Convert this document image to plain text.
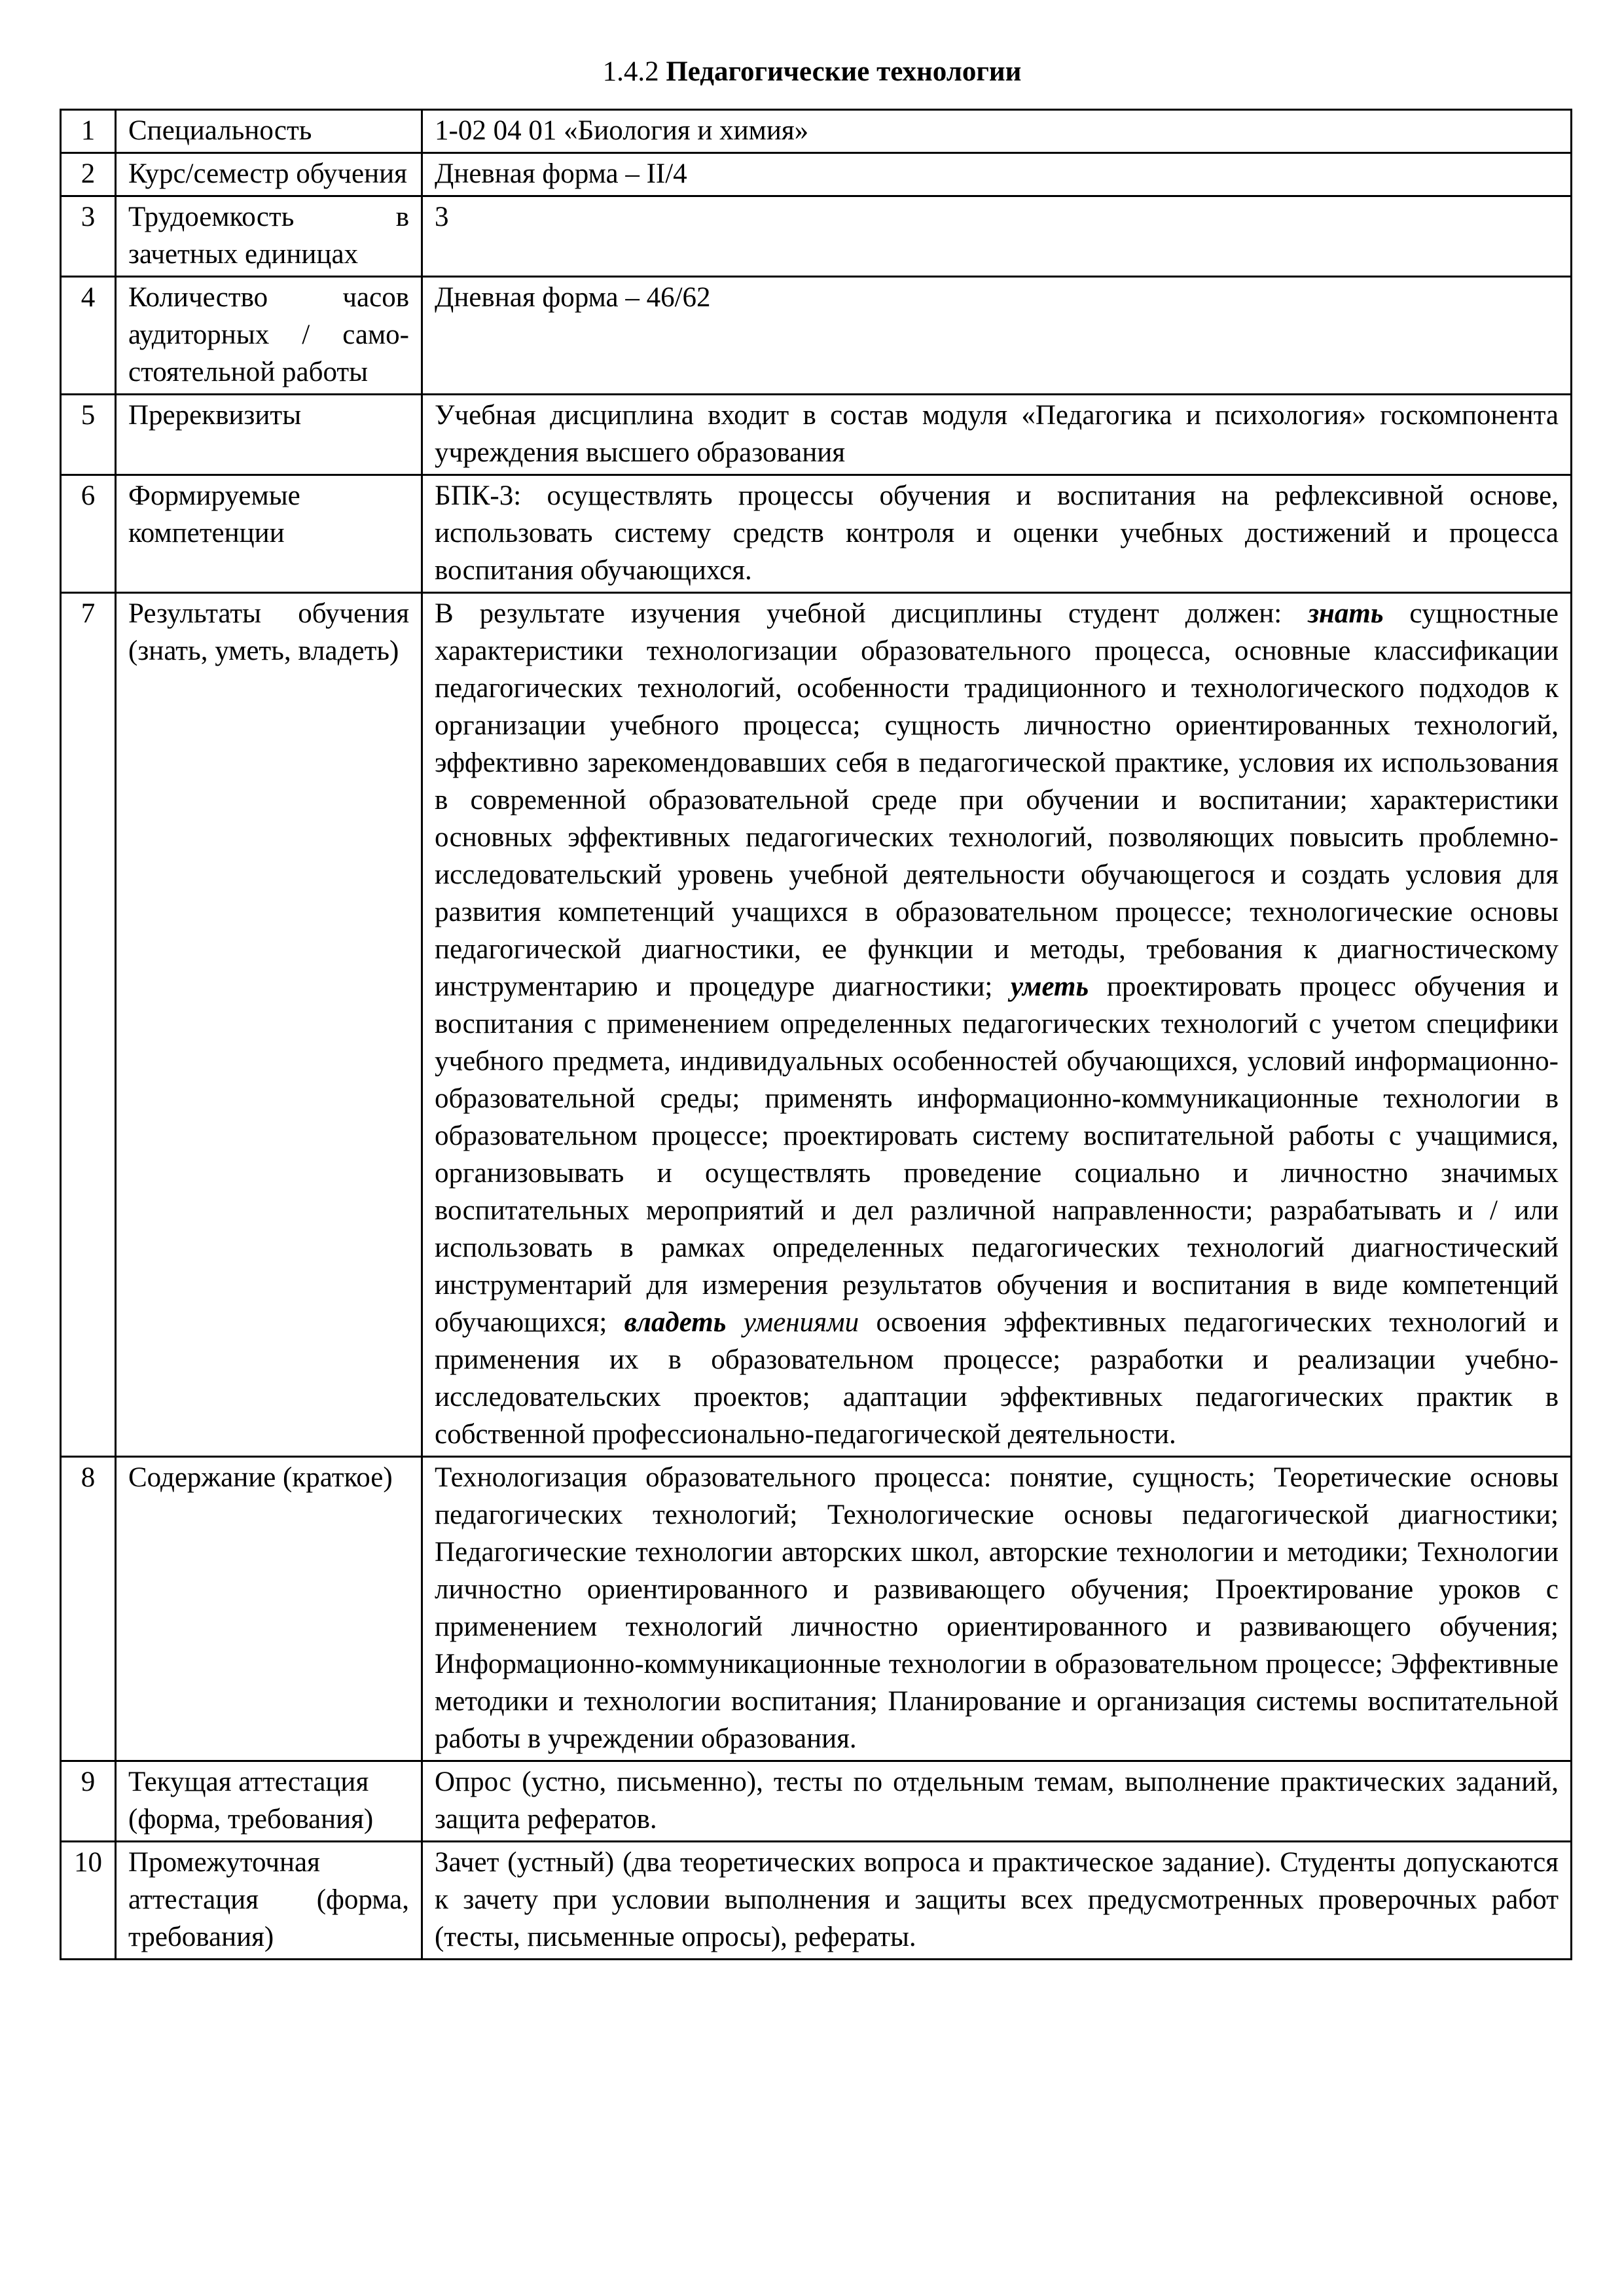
1.4.2 Педагогические технологии
1	Специальность	1-02 04 01 «Биология и химия»
2	Курс/семестр обучения	Дневная форма – II/4
3	Трудоемкость в зачетных единицах	3
4	Количество часов аудиторных / само-стоятельной работы	Дневная форма – 46/62
5	Пререквизиты	Учебная дисциплина входит в состав модуля «Педагогика и психология» госкомпонента учреждения высшего образования
6	Формируемые компетенции	БПК-3: осуществлять процессы обучения и воспитания на рефлексивной основе, использовать систему средств контроля и оценки учебных достижений и процесса воспитания обучающихся.
7	Результаты обучения (знать, уметь, владеть)	В результате изучения учебной дисциплины студент должен: знать сущностные характеристики технологизации образовательного процесса, основные классификации педагогических технологий, особенности традиционного и технологического подходов к организации учебного процесса; сущность личностно ориентированных технологий, эффективно зарекомендовавших себя в педагогической практике, условия их использования в современной образовательной среде при обучении и воспитании; характеристики основных эффективных педагогических технологий, позволяющих повысить проблемно-исследовательский уровень учебной деятельности обучающегося и создать условия для развития компетенций учащихся в образовательном процессе; технологические основы педагогической диагностики, ее функции и методы, требования к диагностическому инструментарию и процедуре диагностики; уметь проектировать процесс обучения и воспитания с применением определенных педагогических технологий с учетом специфики учебного предмета, индивидуальных особенностей обучающихся, условий информационно-образовательной среды; применять информационно-коммуникационные технологии в образовательном процессе; проектировать систему воспитательной работы с учащимися, организовывать и осуществлять проведение социально и личностно значимых воспитательных мероприятий и дел различной направленности; разрабатывать и / или использовать в рамках определенных педагогических технологий диагностический инструментарий для измерения результатов обучения и воспитания в виде компетенций обучающихся; владеть умениями освоения эффективных педагогических технологий и применения их в образовательном процессе; разработки и реализации учебно-исследовательских проектов; адаптации эффективных педагогических практик в собственной профессионально-педагогической деятельности.
8	Содержание (краткое)	Технологизация образовательного процесса: понятие, сущность; Теоретические основы педагогических технологий; Технологические основы педагогической диагностики; Педагогические технологии авторских школ, авторские технологии и методики; Технологии личностно ориентированного и развивающего обучения; Проектирование уроков с применением технологий личностно ориентированного и развивающего обучения; Информационно-коммуникационные технологии в образовательном процессе; Эффективные методики и технологии воспитания; Планирование и организация системы воспитательной работы в учреждении образования.
9	Текущая аттестация (форма, требования)	Опрос (устно, письменно), тесты по отдельным темам, выполнение практических заданий, защита рефератов.
10	Промежуточная аттестация (форма, требования)	Зачет (устный) (два теоретических вопроса и практическое задание). Студенты допускаются к зачету при условии выполнения и защиты всех предусмотренных проверочных работ (тесты, письменные опросы), рефераты.
